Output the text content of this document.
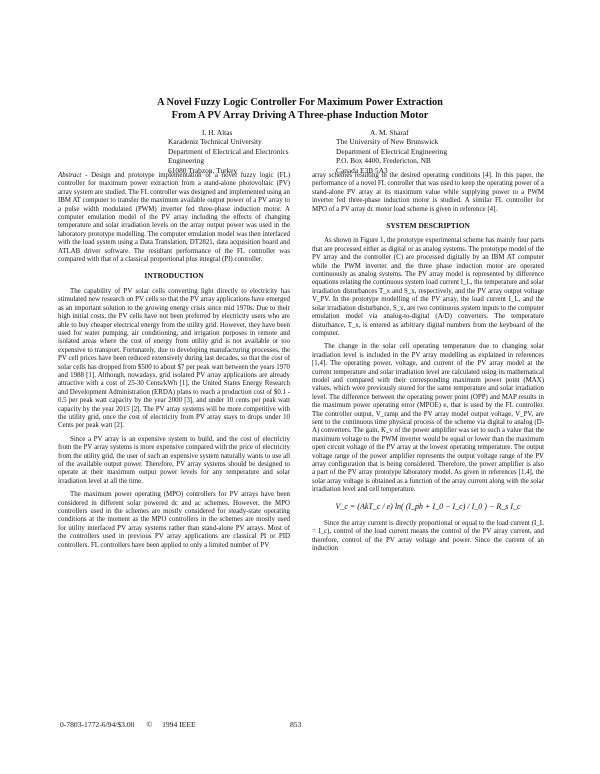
A Novel Fuzzy Logic Controller For Maximum Power Extraction
From A PV Array Driving A Three-phase Induction Motor
I. H. Altas
Karadeniz Technical University
Department of Electrical and Electronics
Engineering
61080 Trabzon, Turkey
A. M. Sharaf
The University of New Brunswick
Department of Electrical Engineering
P.O. Box 4400, Fredericton, NB
Canada E3B 5A3

Abstract - Design and prototype implementation of a novel fuzzy logic (FL) controller for maximum power extraction from a stand-alone photovoltaic (PV) array system are studied. The FL controller was designed and implemented using an IBM AT computer to transfer the maximum available output power of a PV array to a pulse width modulated (PWM) inverter fed three-phase induction motor. A computer emulation model of the PV array including the effects of changing temperature and solar irradiation levels on the array output power was used in the laboratory prototype modelling. The computer emulation model was then interfaced with the load system using a Data Translation, DT2821, data acquisition board and ATLAB driver software. The resultant performance of the FL controller was compared with that of a classical proportional plus integral (PI) controller.

INTRODUCTION

The capability of PV solar cells converting light directly to electricity has stimulated new research on PV cells so that the PV array applications have emerged as an important solution to the growing energy crisis since mid 1970s. Due to their high initial costs, the PV cells have not been preferred by electricity users who are able to buy cheaper electrical energy from the utility grid. However, they have been used for water pumping, air conditioning, and irrigation purposes in remote and isolated areas where the cost of energy from utility grid is not available or too expensive to transport. Fortunately, due to developing manufacturing processes, the PV cell prices have been reduced extensively during last decades, so that the cost of solar cells has dropped from $500 to about $7 per peak watt between the years 1970 and 1988 [1]. Although, nowadays, grid isolated PV array applications are already attractive with a cost of 25-30 Cents/kWh [1], the United States Energy Research and Development Administration (ERDA) plans to reach a production cost of $0.1 - 0.5 per peak watt capacity by the year 2000 [3], and under 10 cents per peak watt capacity by the year 2015 [2]. The PV array systems will be more competitive with the utility grid, once the cost of electricity from PV array stays to drops under 10 Cents per peak watt [2].

Since a PV array is an expensive system to build, and the cost of electricity from the PV array systems is more expensive compared with the price of electricity from the utility grid, the user of such an expensive system naturally wants to use all of the available output power. Therefore, PV array systems should be designed to operate at their maximum output power levels for any temperature and solar irradiation level at all the time.

The maximum power operating (MPO) controllers for PV arrays have been considered in different solar powered dc and ac schemes. However, the MPO controllers used in the schemes are mostly considered for steady-state operating conditions at the moment as the MPO controllers in the schemes are mostly used for utility interfaced PV array systems rather than stand-alone PV arrays. Most of the controllers used in previous PV array applications are classical PI or PID controllers. FL controllers have been applied to only a limited number of PV

array schemes resulting in the desired operating conditions [4]. In this paper, the performance of a novel FL controller that was used to keep the operating power of a stand-alone PV array at its maximum value while supplying power to a PWM inverter fed three-phase induction motor is studied. A similar FL controller for MPO of a PV array dc motor load scheme is given in reference [4].

SYSTEM DESCRIPTION

As shown in Figure 1, the prototype experimental scheme has mainly four parts that are processed either as digital or as analog systems. The prototype model of the PV array and the controller (C) are processed digitally by an IBM AT computer while the PWM inverter and the three phase induction motor are operated continuously as analog systems. The PV array model is represented by difference equations relating the continuous system load current I_L, the temperature and solar irradiation disturbances T_x and S_x, respectively, and the PV array output voltage V_PV. In the prototype modelling of the PV array, the load current I_L, and the solar irradiation disturbance, S_x, are two continuous system inputs to the computer emulation model via analog-to-digital (A/D) converters. The temperature disturbance, T_x, is entered as arbitrary digital numbers from the keyboard of the computer.

The change in the solar cell operating temperature due to changing solar irradiation level is included in the PV array modelling as explained in references [1,4]. The operating power, voltage, and current of the PV array model at the current temperature and solar irradiation level are calculated using its mathematical model and compared with their corresponding maximum power point (MAX) values, which were previously stored for the same temperature and solar irradiation level. The difference between the operating power point (OPP) and MAP results in the maximum power operating error (MPOE) e, that is used by the FL controller. The controller output, V_ramp and the PV array model output voltage, V_PV, are sent to the continuous time physical process of the scheme via digital to analog (D-A) converters. The gain, K_v of the power amplifier was set to such a value that the maximum voltage to the PWM inverter would be equal or lower than the maximum open circuit voltage of the PV array at the lowest operating temperature. The output voltage range of the power amplifier represents the output voltage range of the PV array configuration that is being considered. Therefore, the power amplifier is also a part of the PV array prototype laboratory model. As given in references [1,4], the solar array voltage is obtained as a function of the array current along with the solar irradiation level and cell temperature.

V_c = (AkT_c / e) ln( (I_ph + I_0 − I_c) / I_0 ) − R_s I_c

Since the array current is directly proportional or equal to the load current (I_L = I_c), control of the load current means the control of the PV array current, and therefore, control of the PV array voltage and power. Since the current of an induction

0-7803-1772-6/94/$3.00 © 1994 IEEE	853
